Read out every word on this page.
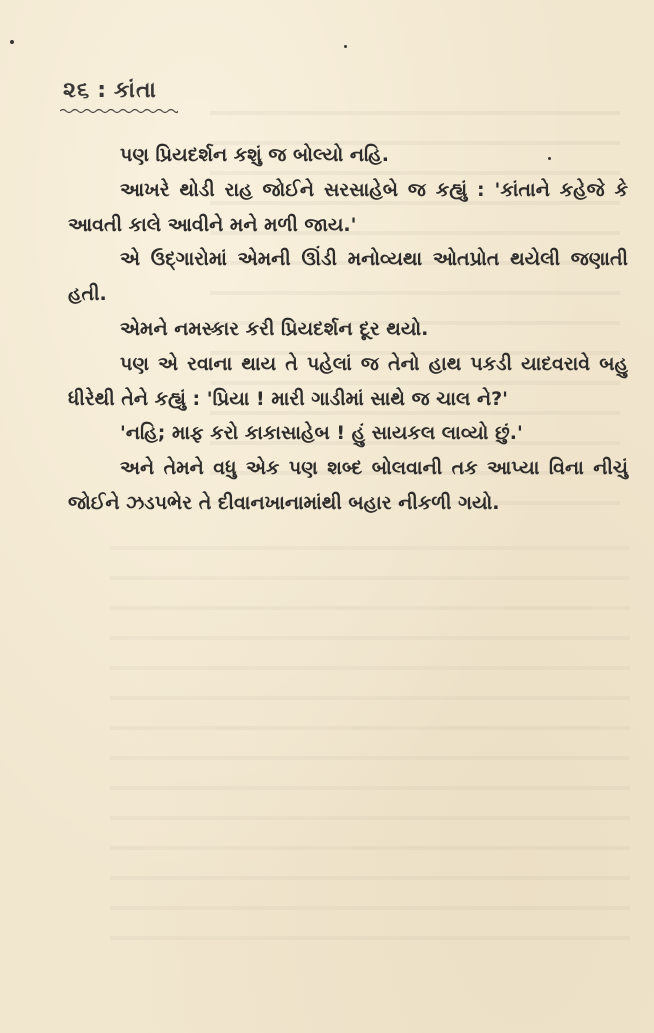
૨૬ : કાંતા

પણ પ્રિયદર્શન કશું જ બોલ્યો નહિ.

આખરે થોડી રાહ જોઈને સરસાહેબે જ કહ્યું : 'કાંતાને કહેજે કે આવતી કાલે આવીને મને મળી જાય.'

એ ઉદ્ગારોમાં એમની ઊંડી મનોવ્યથા ઓતપ્રોત થયેલી જણાતી હતી.

એમને નમસ્કાર કરી પ્રિયદર્શન દૂર થયો.

પણ એ રવાના થાય તે પહેલાં જ તેનો હાથ પકડી યાદવરાવે બહુ ધીરેથી તેને કહ્યું : 'પ્રિયા ! મારી ગાડીમાં સાથે જ ચાલ ને?'

'નહિ; માફ કરો કાકાસાહેબ ! હું સાયકલ લાવ્યો છું.'

અને તેમને વધુ એક પણ શબ્દ બોલવાની તક આપ્યા વિના નીચું જોઈને ઝડપભેર તે દીવાનખાનામાંથી બહાર નીકળી ગયો.
